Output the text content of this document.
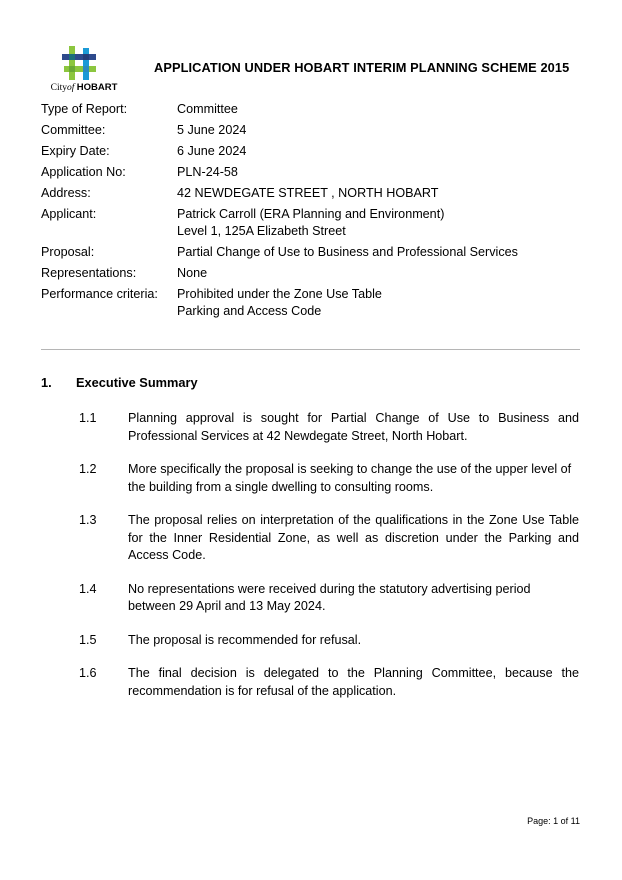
Cityof HOBART
APPLICATION UNDER HOBART INTERIM PLANNING SCHEME 2015
Type of Report:	Committee
Committee:	5 June 2024
Expiry Date:	6 June 2024
Application No:	PLN-24-58
Address:	42 NEWDEGATE STREET , NORTH HOBART
Applicant:	Patrick Carroll (ERA Planning and Environment)
Level 1, 125A Elizabeth Street
Proposal:	Partial Change of Use to Business and Professional Services
Representations:	None
Performance criteria:	Prohibited under the Zone Use Table
Parking and Access Code
1.	Executive Summary
1.1	Planning approval is sought for Partial Change of Use to Business and Professional Services at 42 Newdegate Street, North Hobart.
1.2	More specifically the proposal is seeking to change the use of the upper level of the building from a single dwelling to consulting rooms.
1.3	The proposal relies on interpretation of the qualifications in the Zone Use Table for the Inner Residential Zone, as well as discretion under the Parking and Access Code.
1.4	No representations were received during the statutory advertising period between 29 April and 13 May 2024.
1.5	The proposal is recommended for refusal.
1.6	The final decision is delegated to the Planning Committee, because the recommendation is for refusal of the application.
Page: 1 of 11
